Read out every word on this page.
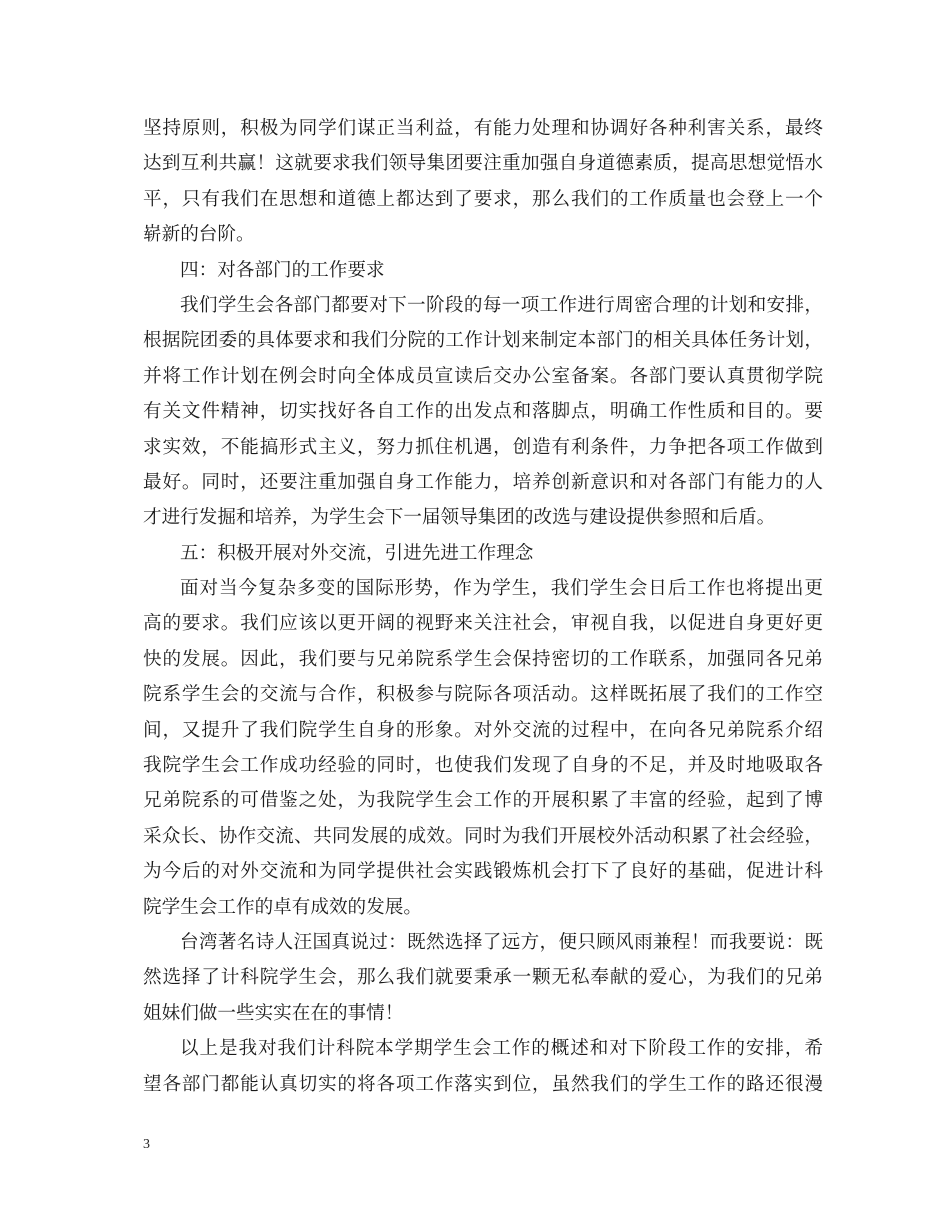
坚持原则，积极为同学们谋正当利益，有能力处理和协调好各种利害关系，最终
达到互利共赢！这就要求我们领导集团要注重加强自身道德素质，提高思想觉悟水
平，只有我们在思想和道德上都达到了要求，那么我们的工作质量也会登上一个
崭新的台阶。
四：对各部门的工作要求
我们学生会各部门都要对下一阶段的每一项工作进行周密合理的计划和安排，
根据院团委的具体要求和我们分院的工作计划来制定本部门的相关具体任务计划，
并将工作计划在例会时向全体成员宣读后交办公室备案。各部门要认真贯彻学院
有关文件精神，切实找好各自工作的出发点和落脚点，明确工作性质和目的。要
求实效，不能搞形式主义，努力抓住机遇，创造有利条件，力争把各项工作做到
最好。同时，还要注重加强自身工作能力，培养创新意识和对各部门有能力的人
才进行发掘和培养，为学生会下一届领导集团的改选与建设提供参照和后盾。
五：积极开展对外交流，引进先进工作理念
面对当今复杂多变的国际形势，作为学生，我们学生会日后工作也将提出更
高的要求。我们应该以更开阔的视野来关注社会，审视自我，以促进自身更好更
快的发展。因此，我们要与兄弟院系学生会保持密切的工作联系，加强同各兄弟
院系学生会的交流与合作，积极参与院际各项活动。这样既拓展了我们的工作空
间，又提升了我们院学生自身的形象。对外交流的过程中，在向各兄弟院系介绍
我院学生会工作成功经验的同时，也使我们发现了自身的不足，并及时地吸取各
兄弟院系的可借鉴之处，为我院学生会工作的开展积累了丰富的经验，起到了博
采众长、协作交流、共同发展的成效。同时为我们开展校外活动积累了社会经验，
为今后的对外交流和为同学提供社会实践锻炼机会打下了良好的基础，促进计科
院学生会工作的卓有成效的发展。
台湾著名诗人汪国真说过：既然选择了远方，便只顾风雨兼程！而我要说：既
然选择了计科院学生会，那么我们就要秉承一颗无私奉献的爱心，为我们的兄弟
姐妹们做一些实实在在的事情！
以上是我对我们计科院本学期学生会工作的概述和对下阶段工作的安排，希
望各部门都能认真切实的将各项工作落实到位，虽然我们的学生工作的路还很漫
3
